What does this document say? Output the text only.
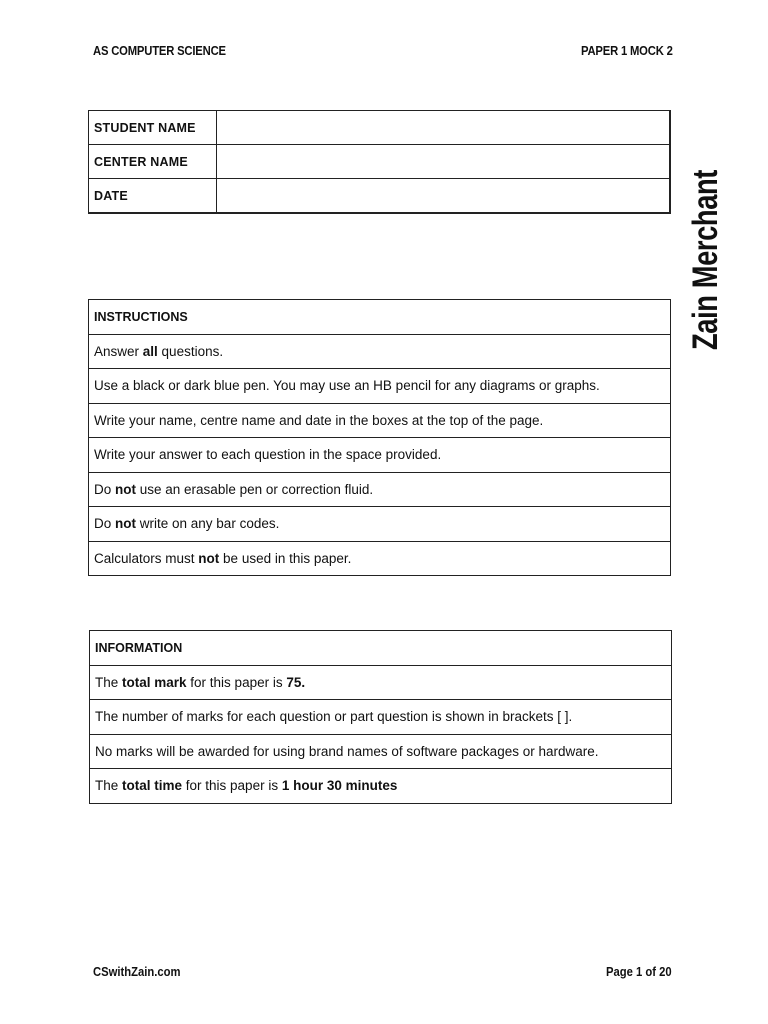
AS COMPUTER SCIENCE	PAPER 1 MOCK 2
Zain Merchant
STUDENT NAME	
CENTER NAME	
DATE	
INSTRUCTIONS
Answer all questions.
Use a black or dark blue pen. You may use an HB pencil for any diagrams or graphs.
Write your name, centre name and date in the boxes at the top of the page.
Write your answer to each question in the space provided.
Do not use an erasable pen or correction fluid.
Do not write on any bar codes.
Calculators must not be used in this paper.
INFORMATION
The total mark for this paper is 75.
The number of marks for each question or part question is shown in brackets [ ].
No marks will be awarded for using brand names of software packages or hardware.
The total time for this paper is 1 hour 30 minutes
CSwithZain.com	Page 1 of 20
